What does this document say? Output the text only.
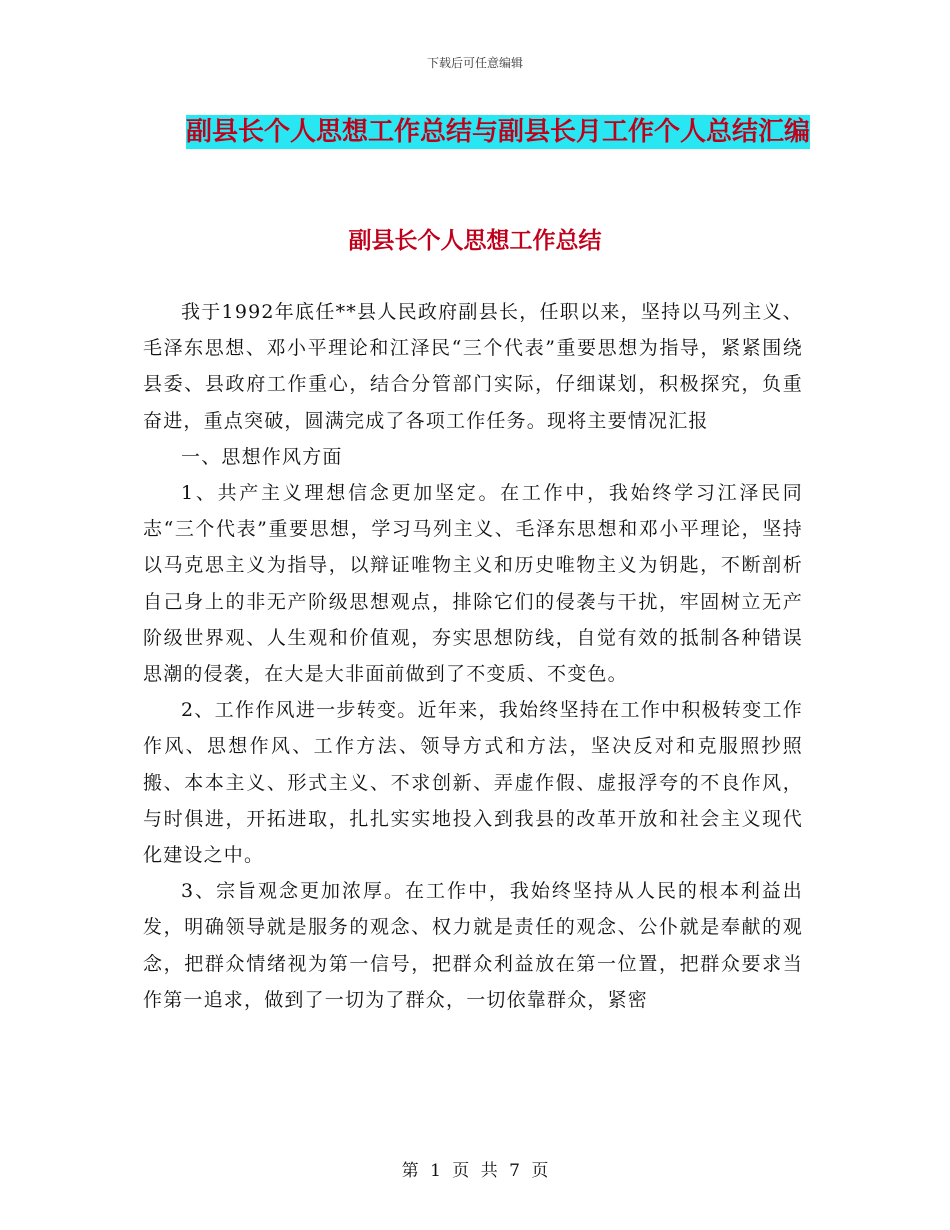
下载后可任意编辑
副县长个人思想工作总结与副县长月工作个人总结汇编
副县长个人思想工作总结

我于1992年底任**县人民政府副县长，任职以来，坚持以马列主义、毛泽东思想、邓小平理论和江泽民“三个代表”重要思想为指导，紧紧围绕县委、县政府工作重心，结合分管部门实际，仔细谋划，积极探究，负重奋进，重点突破，圆满完成了各项工作任务。现将主要情况汇报

一、思想作风方面

1、共产主义理想信念更加坚定。在工作中，我始终学习江泽民同志“三个代表”重要思想，学习马列主义、毛泽东思想和邓小平理论，坚持以马克思主义为指导，以辩证唯物主义和历史唯物主义为钥匙，不断剖析自己身上的非无产阶级思想观点，排除它们的侵袭与干扰，牢固树立无产阶级世界观、人生观和价值观，夯实思想防线，自觉有效的抵制各种错误思潮的侵袭，在大是大非面前做到了不变质、不变色。

2、工作作风进一步转变。近年来，我始终坚持在工作中积极转变工作作风、思想作风、工作方法、领导方式和方法，坚决反对和克服照抄照搬、本本主义、形式主义、不求创新、弄虚作假、虚报浮夸的不良作风，与时俱进，开拓进取，扎扎实实地投入到我县的改革开放和社会主义现代化建设之中。

3、宗旨观念更加浓厚。在工作中，我始终坚持从人民的根本利益出发，明确领导就是服务的观念、权力就是责任的观念、公仆就是奉献的观念，把群众情绪视为第一信号，把群众利益放在第一位置，把群众要求当作第一追求，做到了一切为了群众，一切依靠群众，紧密

第 1 页 共 7 页
